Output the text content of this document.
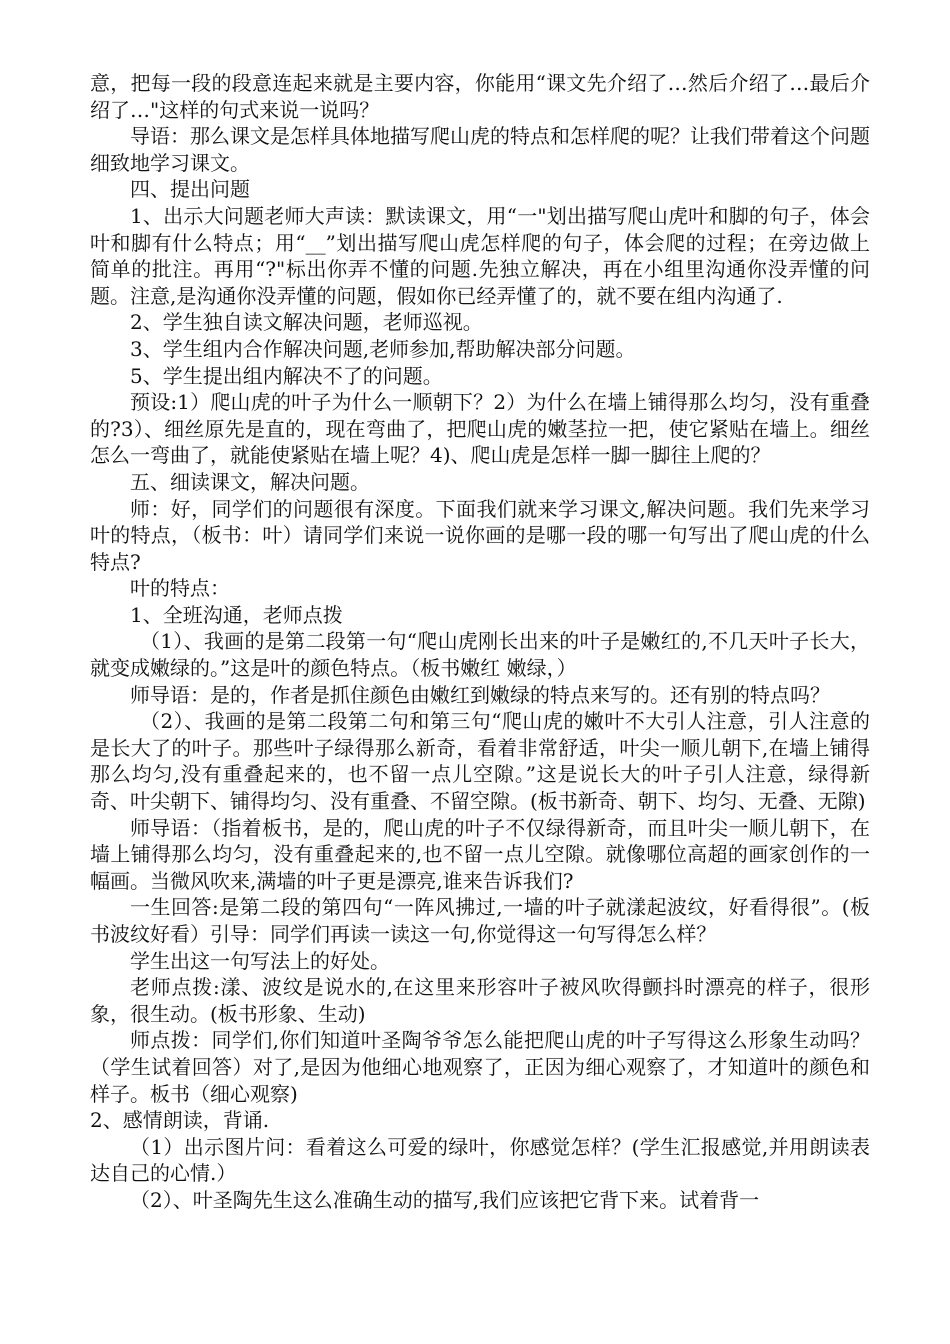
意，把每一段的段意连起来就是主要内容，你能用“课文先介绍了…然后介绍了…最后介绍了…"这样的句式来说一说吗？

导语：那么课文是怎样具体地描写爬山虎的特点和怎样爬的呢？让我们带着这个问题细致地学习课文。

四、提出问题

1、出示大问题老师大声读：默读课文，用“一"划出描写爬山虎叶和脚的句子，体会叶和脚有什么特点；用“__”划出描写爬山虎怎样爬的句子，体会爬的过程；在旁边做上简单的批注。再用“?"标出你弄不懂的问题.先独立解决，再在小组里沟通你没弄懂的问题。注意,是沟通你没弄懂的问题，假如你已经弄懂了的，就不要在组内沟通了.

2、学生独自读文解决问题，老师巡视。

3、学生组内合作解决问题,老师参加,帮助解决部分问题。

5、学生提出组内解决不了的问题。

预设:1）爬山虎的叶子为什么一顺朝下？2）为什么在墙上铺得那么均匀，没有重叠的?3）、细丝原先是直的，现在弯曲了，把爬山虎的嫩茎拉一把，使它紧贴在墙上。细丝怎么一弯曲了，就能使紧贴在墙上呢？4)、爬山虎是怎样一脚一脚往上爬的？

五、细读课文，解决问题。

师：好，同学们的问题很有深度。下面我们就来学习课文,解决问题。我们先来学习叶的特点，（板书：叶）请同学们来说一说你画的是哪一段的哪一句写出了爬山虎的什么特点?

叶的特点：

1、全班沟通，老师点拨

（1）、我画的是第二段第一句“爬山虎刚长出来的叶子是嫩红的,不几天叶子长大，就变成嫩绿的。”这是叶的颜色特点。（板书嫩红 嫩绿，）

师导语：是的，作者是抓住颜色由嫩红到嫩绿的特点来写的。还有别的特点吗？

（2）、我画的是第二段第二句和第三句“爬山虎的嫩叶不大引人注意，引人注意的是长大了的叶子。那些叶子绿得那么新奇，看着非常舒适，叶尖一顺儿朝下,在墙上铺得那么均匀,没有重叠起来的，也不留一点儿空隙。”这是说长大的叶子引人注意，绿得新奇、叶尖朝下、铺得均匀、没有重叠、不留空隙。(板书新奇、朝下、均匀、无叠、无隙)

师导语：（指着板书，是的，爬山虎的叶子不仅绿得新奇，而且叶尖一顺儿朝下，在墙上铺得那么均匀，没有重叠起来的,也不留一点儿空隙。就像哪位高超的画家创作的一幅画。当微风吹来,满墙的叶子更是漂亮,谁来告诉我们?

一生回答:是第二段的第四句“一阵风拂过,一墙的叶子就漾起波纹，好看得很”。(板书波纹好看）引导：同学们再读一读这一句,你觉得这一句写得怎么样？

学生出这一句写法上的好处。

老师点拨:漾、波纹是说水的,在这里来形容叶子被风吹得颤抖时漂亮的样子，很形象，很生动。(板书形象、生动)

师点拨：同学们,你们知道叶圣陶爷爷怎么能把爬山虎的叶子写得这么形象生动吗？（学生试着回答）对了,是因为他细心地观察了，正因为细心观察了，才知道叶的颜色和样子。板书（细心观察)

2、感情朗读，背诵.

（1）出示图片问：看着这么可爱的绿叶，你感觉怎样？(学生汇报感觉,并用朗读表达自己的心情.）

（2）、叶圣陶先生这么准确生动的描写,我们应该把它背下来。试着背一
